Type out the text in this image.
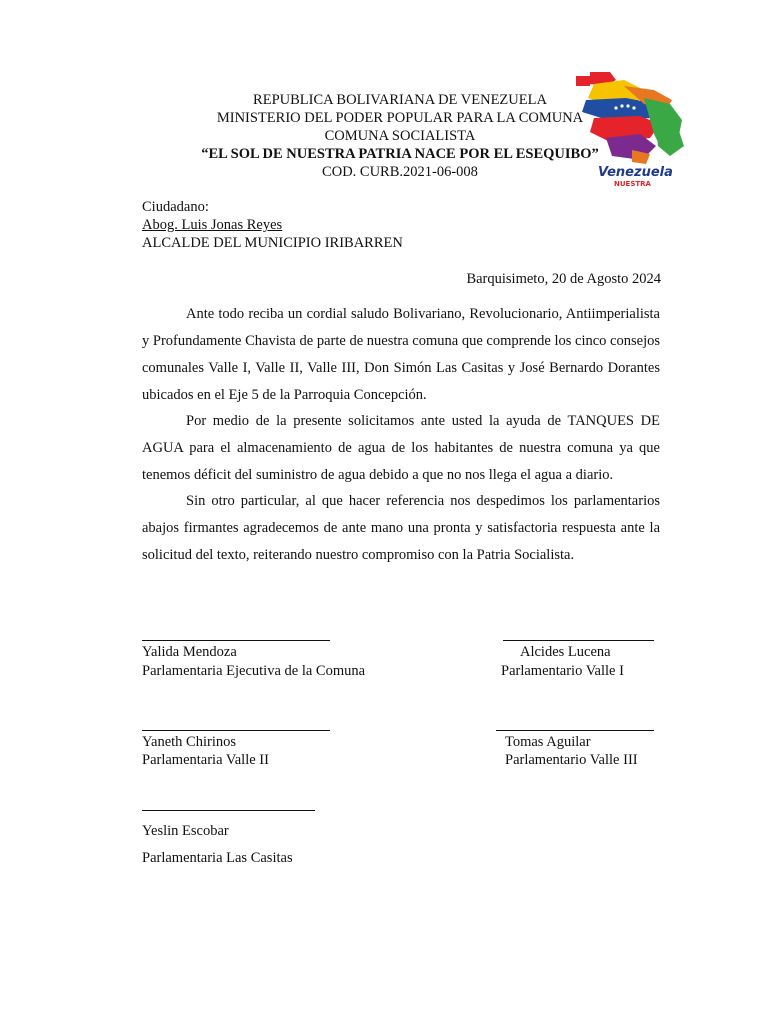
REPUBLICA BOLIVARIANA DE VENEZUELA
MINISTERIO DEL PODER POPULAR PARA LA COMUNA
COMUNA SOCIALISTA
“EL SOL DE NUESTRA PATRIA NACE POR EL ESEQUIBO”
COD. CURB.2021-06-008	Venezuela
NUESTRA
Ciudadano:
Abog. Luis Jonas Reyes
ALCALDE DEL MUNICIPIO IRIBARREN
Barquisimeto, 20 de Agosto 2024

Ante todo reciba un cordial saludo Bolivariano, Revolucionario, Antiimperialista y Profundamente Chavista de parte de nuestra comuna que comprende los cinco consejos comunales Valle I, Valle II, Valle III, Don Simón Las Casitas y José Bernardo Dorantes ubicados en el Eje 5 de la Parroquia Concepción.

Por medio de la presente solicitamos ante usted la ayuda de TANQUES DE AGUA para el almacenamiento de agua de los habitantes de nuestra comuna ya que tenemos déficit del suministro de agua debido a que no nos llega el agua a diario.

Sin otro particular, al que hacer referencia nos despedimos los parlamentarios abajos firmantes agradecemos de ante mano una pronta y satisfactoria respuesta ante la solicitud del texto, reiterando nuestro compromiso con la Patria Socialista.

Yalida Mendoza
Parlamentaria Ejecutiva de la Comuna
Alcides Lucena
Parlamentario Valle I
Yaneth Chirinos
Parlamentaria Valle II
Tomas Aguilar
Parlamentario Valle III
Yeslin Escobar
Parlamentaria Las Casitas
